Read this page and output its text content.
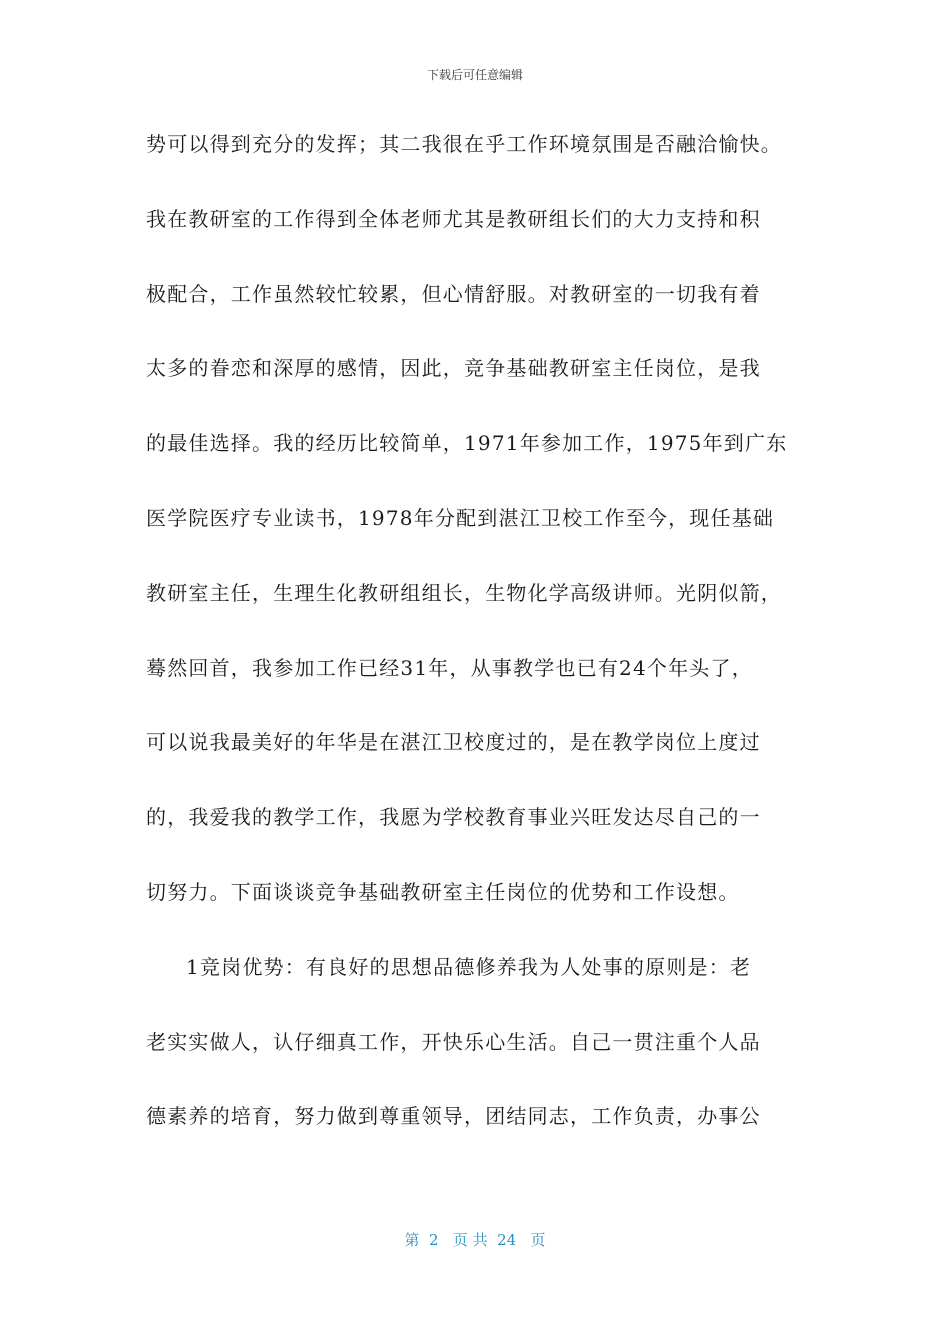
下载后可任意编辑
势可以得到充分的发挥；其二我很在乎工作环境氛围是否融洽愉快。
我在教研室的工作得到全体老师尤其是教研组长们的大力支持和积
极配合，工作虽然较忙较累，但心情舒服。对教研室的一切我有着
太多的眷恋和深厚的感情，因此，竞争基础教研室主任岗位，是我
的最佳选择。我的经历比较简单，1971年参加工作，1975年到广东
医学院医疗专业读书，1978年分配到湛江卫校工作至今，现任基础
教研室主任，生理生化教研组组长，生物化学高级讲师。光阴似箭，
蓦然回首，我参加工作已经31年，从事教学也已有24个年头了，
可以说我最美好的年华是在湛江卫校度过的，是在教学岗位上度过
的，我爱我的教学工作，我愿为学校教育事业兴旺发达尽自己的一
切努力。下面谈谈竞争基础教研室主任岗位的优势和工作设想。
1竞岗优势：有良好的思想品德修养我为人处事的原则是：老
老实实做人，认仔细真工作，开快乐心生活。自己一贯注重个人品
德素养的培育，努力做到尊重领导，团结同志，工作负责，办事公
第  2   页 共  24   页
